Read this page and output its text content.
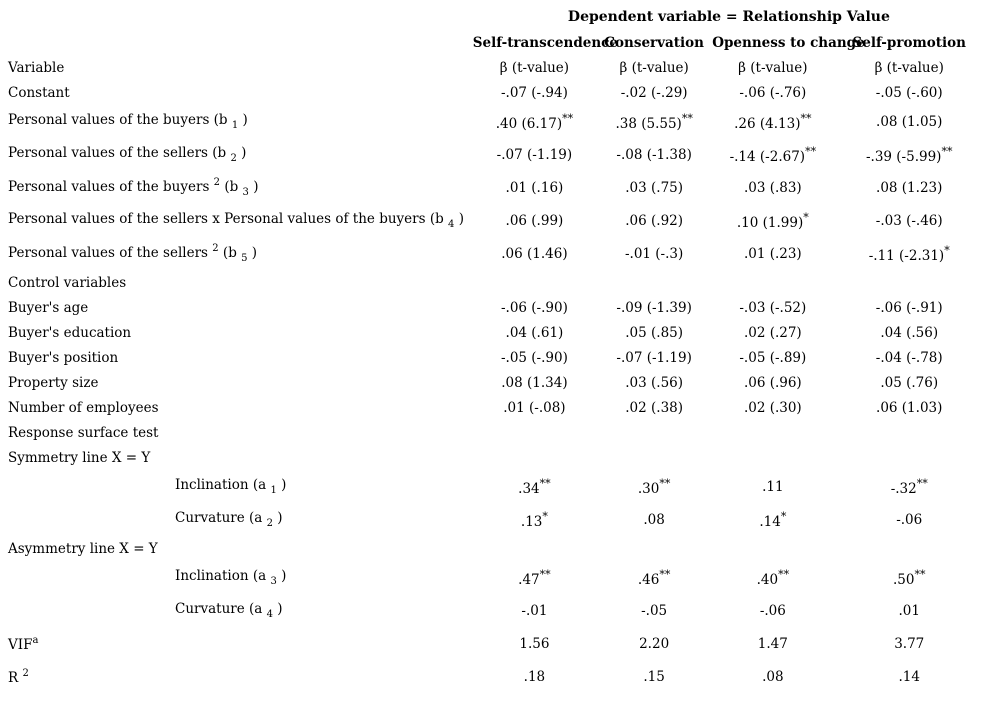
	Dependent variable = Relationship Value			
	Self-transcendence	Conservation	Openness to change	Self-promotion
Variable	β (t-value)	β (t-value)	β (t-value)	β (t-value)
Constant	-.07 (-.94)	-.02 (-.29)	-.06 (-.76)	-.05 (-.60)
Personal values of the buyers (b $_1$ )	.40 (6.17)**	.38 (5.55)**	.26 (4.13)**	.08 (1.05)
Personal values of the sellers (b $_2$ )	-.07 (-1.19)	-.08 (-1.38)	-.14 (-2.67)**	-.39 (-5.99)**
Personal values of the buyers $^2$ (b $_3$ )	.01 (.16)	.03 (.75)	.03 (.83)	.08 (1.23)
Personal values of the sellers x Personal values of the buyers (b $_4$ )	.06 (.99)	.06 (.92)	.10 (1.99)*	-.03 (-.46)
Personal values of the sellers $^2$ (b $_5$ )	.06 (1.46)	-.01 (-.3)	.01 (.23)	-.11 (-2.31)*
Control variables				
Buyer's age	-.06 (-.90)	-.09 (-1.39)	-.03 (-.52)	-.06 (-.91)
Buyer's education	.04 (.61)	.05 (.85)	.02 (.27)	.04 (.56)
Buyer's position	-.05 (-.90)	-.07 (-1.19)	-.05 (-.89)	-.04 (-.78)
Property size	.08 (1.34)	.03 (.56)	.06 (.96)	.05 (.76)
Number of employees	.01 (-.08)	.02 (.38)	.02 (.30)	.06 (1.03)
Response surface test				
Symmetry line X = Y				
Inclination (a $_1$ )	.34**	.30**	.11	-.32**
Curvature (a $_2$ )	.13*	.08	.14*	-.06
Asymmetry line X = Y				
Inclination (a $_3$ )	.47**	.46**	.40**	.50**
Curvature (a $_4$ )	-.01	-.05	-.06	.01
VIF$^a$	1.56	2.20	1.47	3.77
R $^2$	.18	.15	.08	.14
